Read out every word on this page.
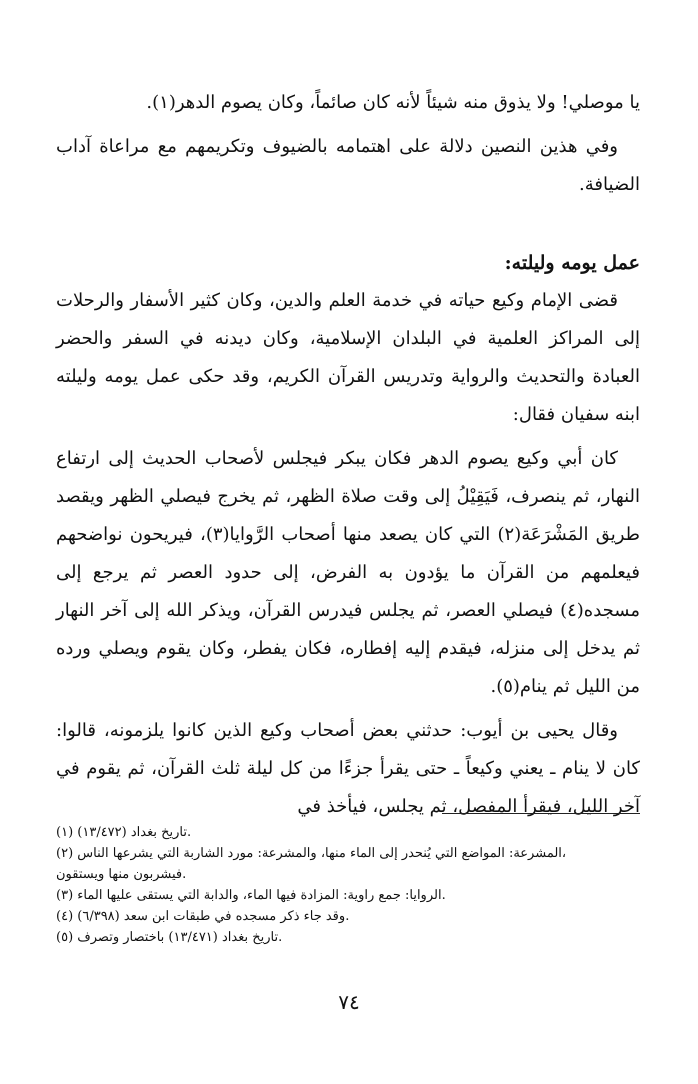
يا موصلي! ولا يذوق منه شيئاً لأنه كان صائماً، وكان يصوم الدهر(١).

وفي هذين النصين دلالة على اهتمامه بالضيوف وتكريمهم مع مراعاة آداب الضيافة.

عمل يومه وليلته:

قضى الإمام وكيع حياته في خدمة العلم والدين، وكان كثير الأسفار والرحلات إلى المراكز العلمية في البلدان الإسلامية، وكان ديدنه في السفر والحضر العبادة والتحديث والرواية وتدريس القرآن الكريم، وقد حكى عمل يومه وليلته ابنه سفيان فقال:

كان أبي وكيع يصوم الدهر فكان يبكر فيجلس لأصحاب الحديث إلى ارتفاع النهار، ثم ينصرف، فَيَقِيْلُ إلى وقت صلاة الظهر، ثم يخرج فيصلي الظهر ويقصد طريق المَشْرَعَة(٢) التي كان يصعد منها أصحاب الرَّوايا(٣)، فيريحون نواضحهم فيعلمهم من القرآن ما يؤدون به الفرض، إلى حدود العصر ثم يرجع إلى مسجده(٤) فيصلي العصر، ثم يجلس فيدرس القرآن، ويذكر الله إلى آخر النهار ثم يدخل إلى منزله، فيقدم إليه إفطاره، فكان يفطر، وكان يقوم ويصلي ورده من الليل ثم ينام(٥).

وقال يحيى بن أيوب: حدثني بعض أصحاب وكيع الذين كانوا يلزمونه، قالوا: كان لا ينام ـ يعني وكيعاً ـ حتى يقرأ جزءًا من كل ليلة ثلث القرآن، ثم يقوم في آخر الليل، فيقرأ المفصل، ثم يجلس، فيأخذ في

(١) تاريخ بغداد (١٣/٤٧٢).

(٢) المشرعة: المواضع التي يُنحدر إلى الماء منها، والمشرعة: مورد الشاربة التي يشرعها الناس،

فيشربون منها ويستقون.

(٣) الروايا: جمع راوية: المزادة فيها الماء، والدابة التي يستقى عليها الماء.

(٤) وقد جاء ذكر مسجده في طبقات ابن سعد (٦/٣٩٨).

(٥) تاريخ بغداد (١٣/٤٧١) باختصار وتصرف.

٧٤
